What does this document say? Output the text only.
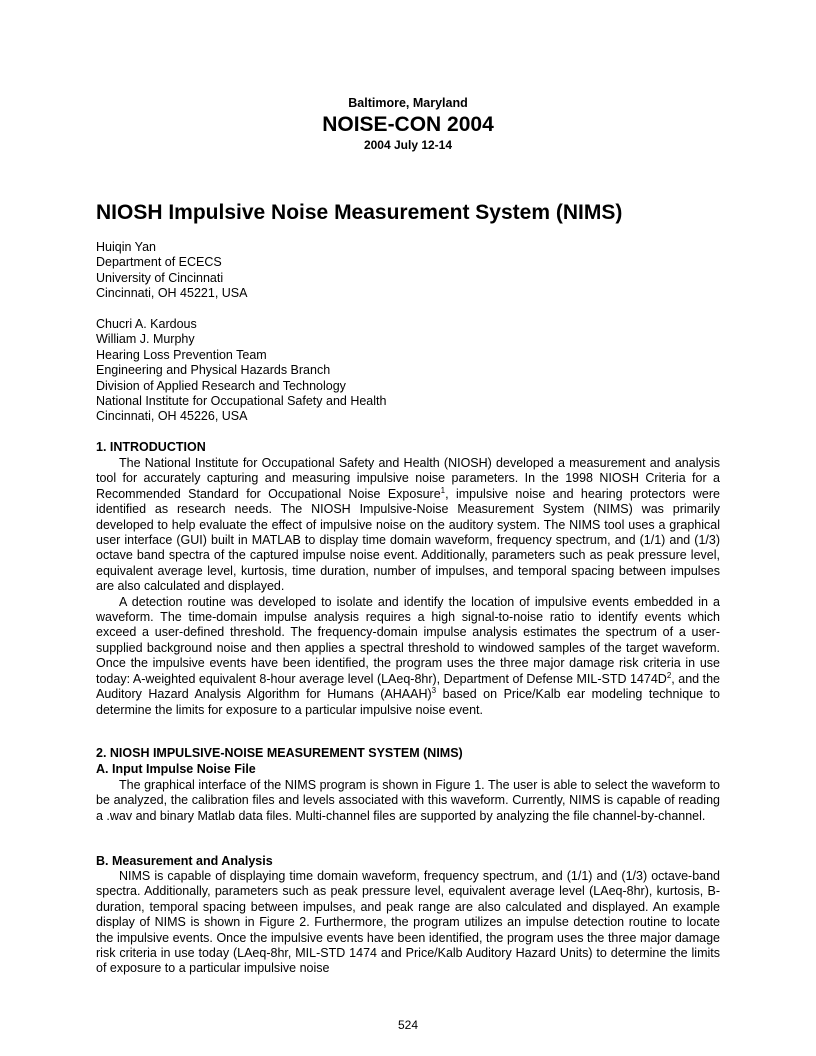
Baltimore, Maryland
NOISE-CON 2004
2004 July 12-14
NIOSH Impulsive Noise Measurement System (NIMS)
Huiqin Yan
Department of ECECS
University of Cincinnati
Cincinnati, OH 45221, USA
Chucri A. Kardous
William J. Murphy
Hearing Loss Prevention Team
Engineering and Physical Hazards Branch
Division of Applied Research and Technology
National Institute for Occupational Safety and Health
Cincinnati, OH 45226, USA
1. INTRODUCTION

The National Institute for Occupational Safety and Health (NIOSH) developed a measurement and analysis tool for accurately capturing and measuring impulsive noise parameters. In the 1998 NIOSH Criteria for a Recommended Standard for Occupational Noise Exposure$^1$, impulsive noise and hearing protectors were identified as research needs. The NIOSH Impulsive-Noise Measurement System (NIMS) was primarily developed to help evaluate the effect of impulsive noise on the auditory system. The NIMS tool uses a graphical user interface (GUI) built in MATLAB to display time domain waveform, frequency spectrum, and (1/1) and (1/3) octave band spectra of the captured impulse noise event. Additionally, parameters such as peak pressure level, equivalent average level, kurtosis, time duration, number of impulses, and temporal spacing between impulses are also calculated and displayed.

A detection routine was developed to isolate and identify the location of impulsive events embedded in a waveform. The time-domain impulse analysis requires a high signal-to-noise ratio to identify events which exceed a user-defined threshold. The frequency-domain impulse analysis estimates the spectrum of a user-supplied background noise and then applies a spectral threshold to windowed samples of the target waveform. Once the impulsive events have been identified, the program uses the three major damage risk criteria in use today: A-weighted equivalent 8-hour average level (LAeq-8hr), Department of Defense MIL-STD $1474D^2$, and the Auditory Hazard Analysis Algorithm for Humans (AHAAH)$^3$ based on Price/Kalb ear modeling technique to determine the limits for exposure to a particular impulsive noise event.

2. NIOSH IMPULSIVE-NOISE MEASUREMENT SYSTEM (NIMS)
A. Input Impulse Noise File

The graphical interface of the NIMS program is shown in Figure 1. The user is able to select the waveform to be analyzed, the calibration files and levels associated with this waveform. Currently, NIMS is capable of reading a .wav and binary Matlab data files. Multi-channel files are supported by analyzing the file channel-by-channel.

B. Measurement and Analysis

NIMS is capable of displaying time domain waveform, frequency spectrum, and (1/1) and (1/3) octave-band spectra. Additionally, parameters such as peak pressure level, equivalent average level (LAeq-8hr), kurtosis, B-duration, temporal spacing between impulses, and peak range are also calculated and displayed. An example display of NIMS is shown in Figure 2. Furthermore, the program utilizes an impulse detection routine to locate the impulsive events. Once the impulsive events have been identified, the program uses the three major damage risk criteria in use today (LAeq-8hr, MIL-STD 1474 and Price/Kalb Auditory Hazard Units) to determine the limits of exposure to a particular impulsive noise

524
